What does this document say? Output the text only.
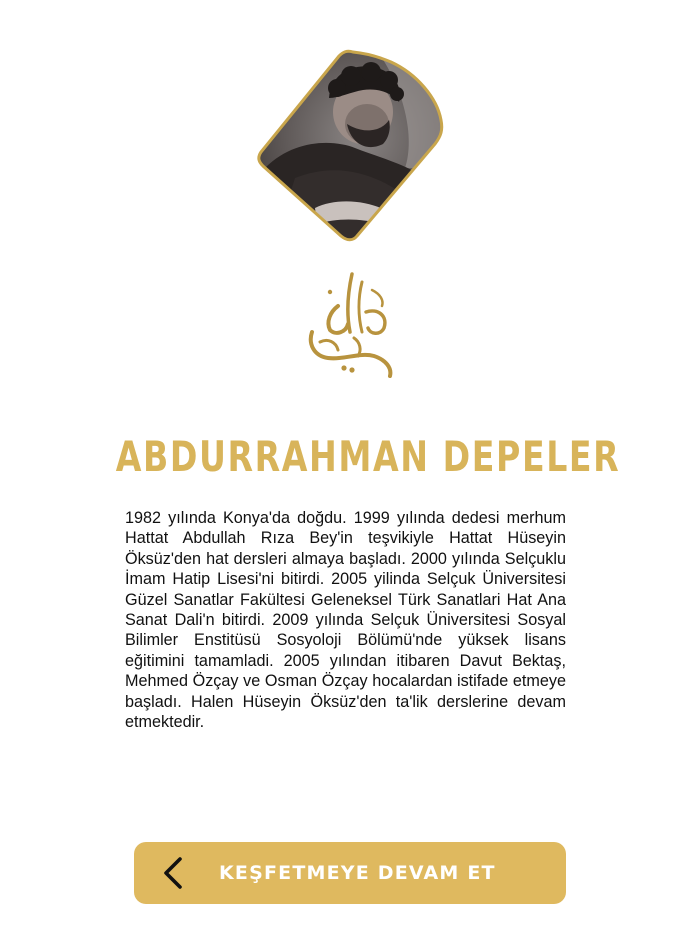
ABDURRAHMAN DEPELER

1982 yılında Konya'da doğdu. 1999 yılında dedesi merhum Hattat Abdullah Rıza Bey'in teşvikiyle Hattat Hüseyin Öksüz'den hat dersleri almaya başladı. 2000 yılında Selçuklu İmam Hatip Lisesi'ni bitirdi. 2005 yilinda Selçuk Üniversitesi Güzel Sanatlar Fakültesi Geleneksel Türk Sanatlari Hat Ana Sanat Dali'n bitirdi. 2009 yılında Selçuk Üniversitesi Sosyal Bilimler Enstitüsü Sosyoloji Bölümü'nde yüksek lisans eğitimini tamamladi. 2005 yılından itibaren Davut Bektaş, Mehmed Özçay ve Osman Özçay hocalardan istifade etmeye başladı. Halen Hüseyin Öksüz'den ta'lik derslerine devam etmektedir.

KEŞFETMEYE DEVAM ET
